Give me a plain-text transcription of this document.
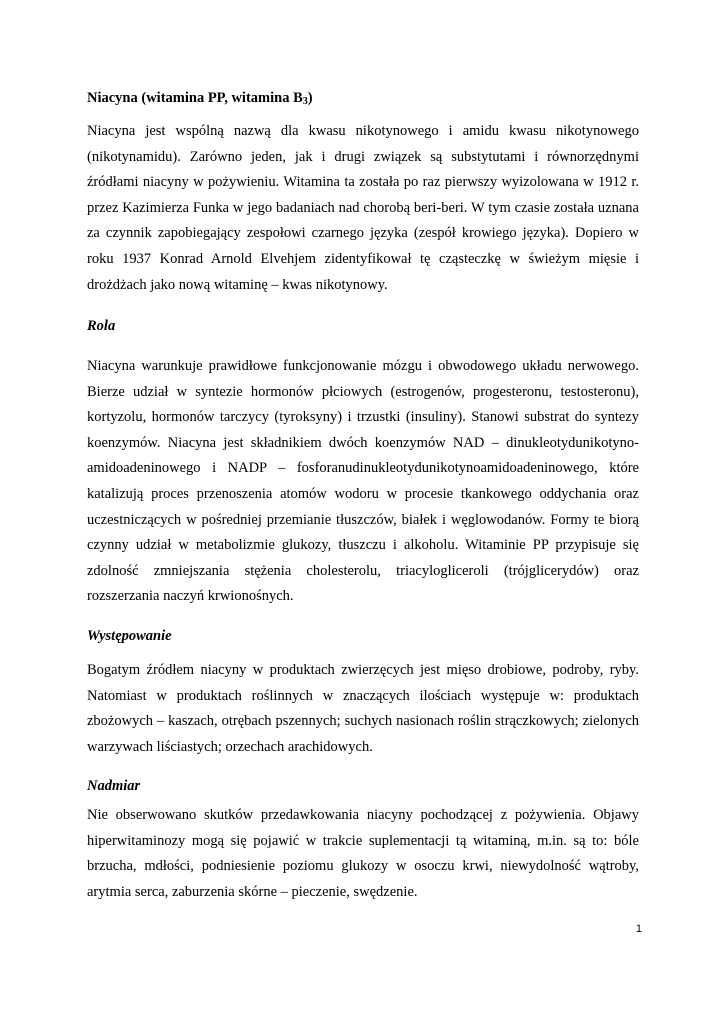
Niacyna (witamina PP, witamina $B_3$)

Niacyna jest wspólną nazwą dla kwasu nikotynowego i amidu kwasu nikotynowego (nikotynamidu). Zarówno jeden, jak i drugi związek są substytutami i równorzędnymi źródłami niacyny w pożywieniu. Witamina ta została po raz pierwszy wyizolowana w 1912 r. przez Kazimierza Funka w jego badaniach nad chorobą beri-beri. W tym czasie została uznana za czynnik zapobiegający zespołowi czarnego języka (zespół krowiego języka). Dopiero w roku 1937 Konrad Arnold Elvehjem zidentyfikował tę cząsteczkę w świeżym mięsie i drożdżach jako nową witaminę – kwas nikotynowy.

Rola

Niacyna warunkuje prawidłowe funkcjonowanie mózgu i obwodowego układu nerwowego. Bierze udział w syntezie hormonów płciowych (estrogenów, progesteronu, testosteronu), kortyzolu, hormonów tarczycy (tyroksyny) i trzustki (insuliny). Stanowi substrat do syntezy koenzymów. Niacyna jest składnikiem dwóch koenzymów NAD – dinukleotydunikotyno-amidoadeninowego i NADP – fosforanudinukleotydunikotynoamidoadeninowego, które katalizują proces przenoszenia atomów wodoru w procesie tkankowego oddychania oraz uczestniczących w pośredniej przemianie tłuszczów, białek i węglowodanów. Formy te biorą czynny udział w metabolizmie glukozy, tłuszczu i alkoholu. Witaminie PP przypisuje się zdolność zmniejszania stężenia cholesterolu, triacylogliceroli (trójglicerydów) oraz rozszerzania naczyń krwionośnych.

Występowanie

Bogatym źródłem niacyny w produktach zwierzęcych jest mięso drobiowe, podroby, ryby. Natomiast w produktach roślinnych w znaczących ilościach występuje w: produktach zbożowych – kaszach, otrębach pszennych; suchych nasionach roślin strączkowych; zielonych warzywach liściastych; orzechach arachidowych.

Nadmiar

Nie obserwowano skutków przedawkowania niacyny pochodzącej z pożywienia. Objawy hiperwitaminozy mogą się pojawić w trakcie suplementacji tą witaminą, m.in. są to: bóle brzucha, mdłości, podniesienie poziomu glukozy w osoczu krwi, niewydolność wątroby, arytmia serca, zaburzenia skórne – pieczenie, swędzenie.

1
